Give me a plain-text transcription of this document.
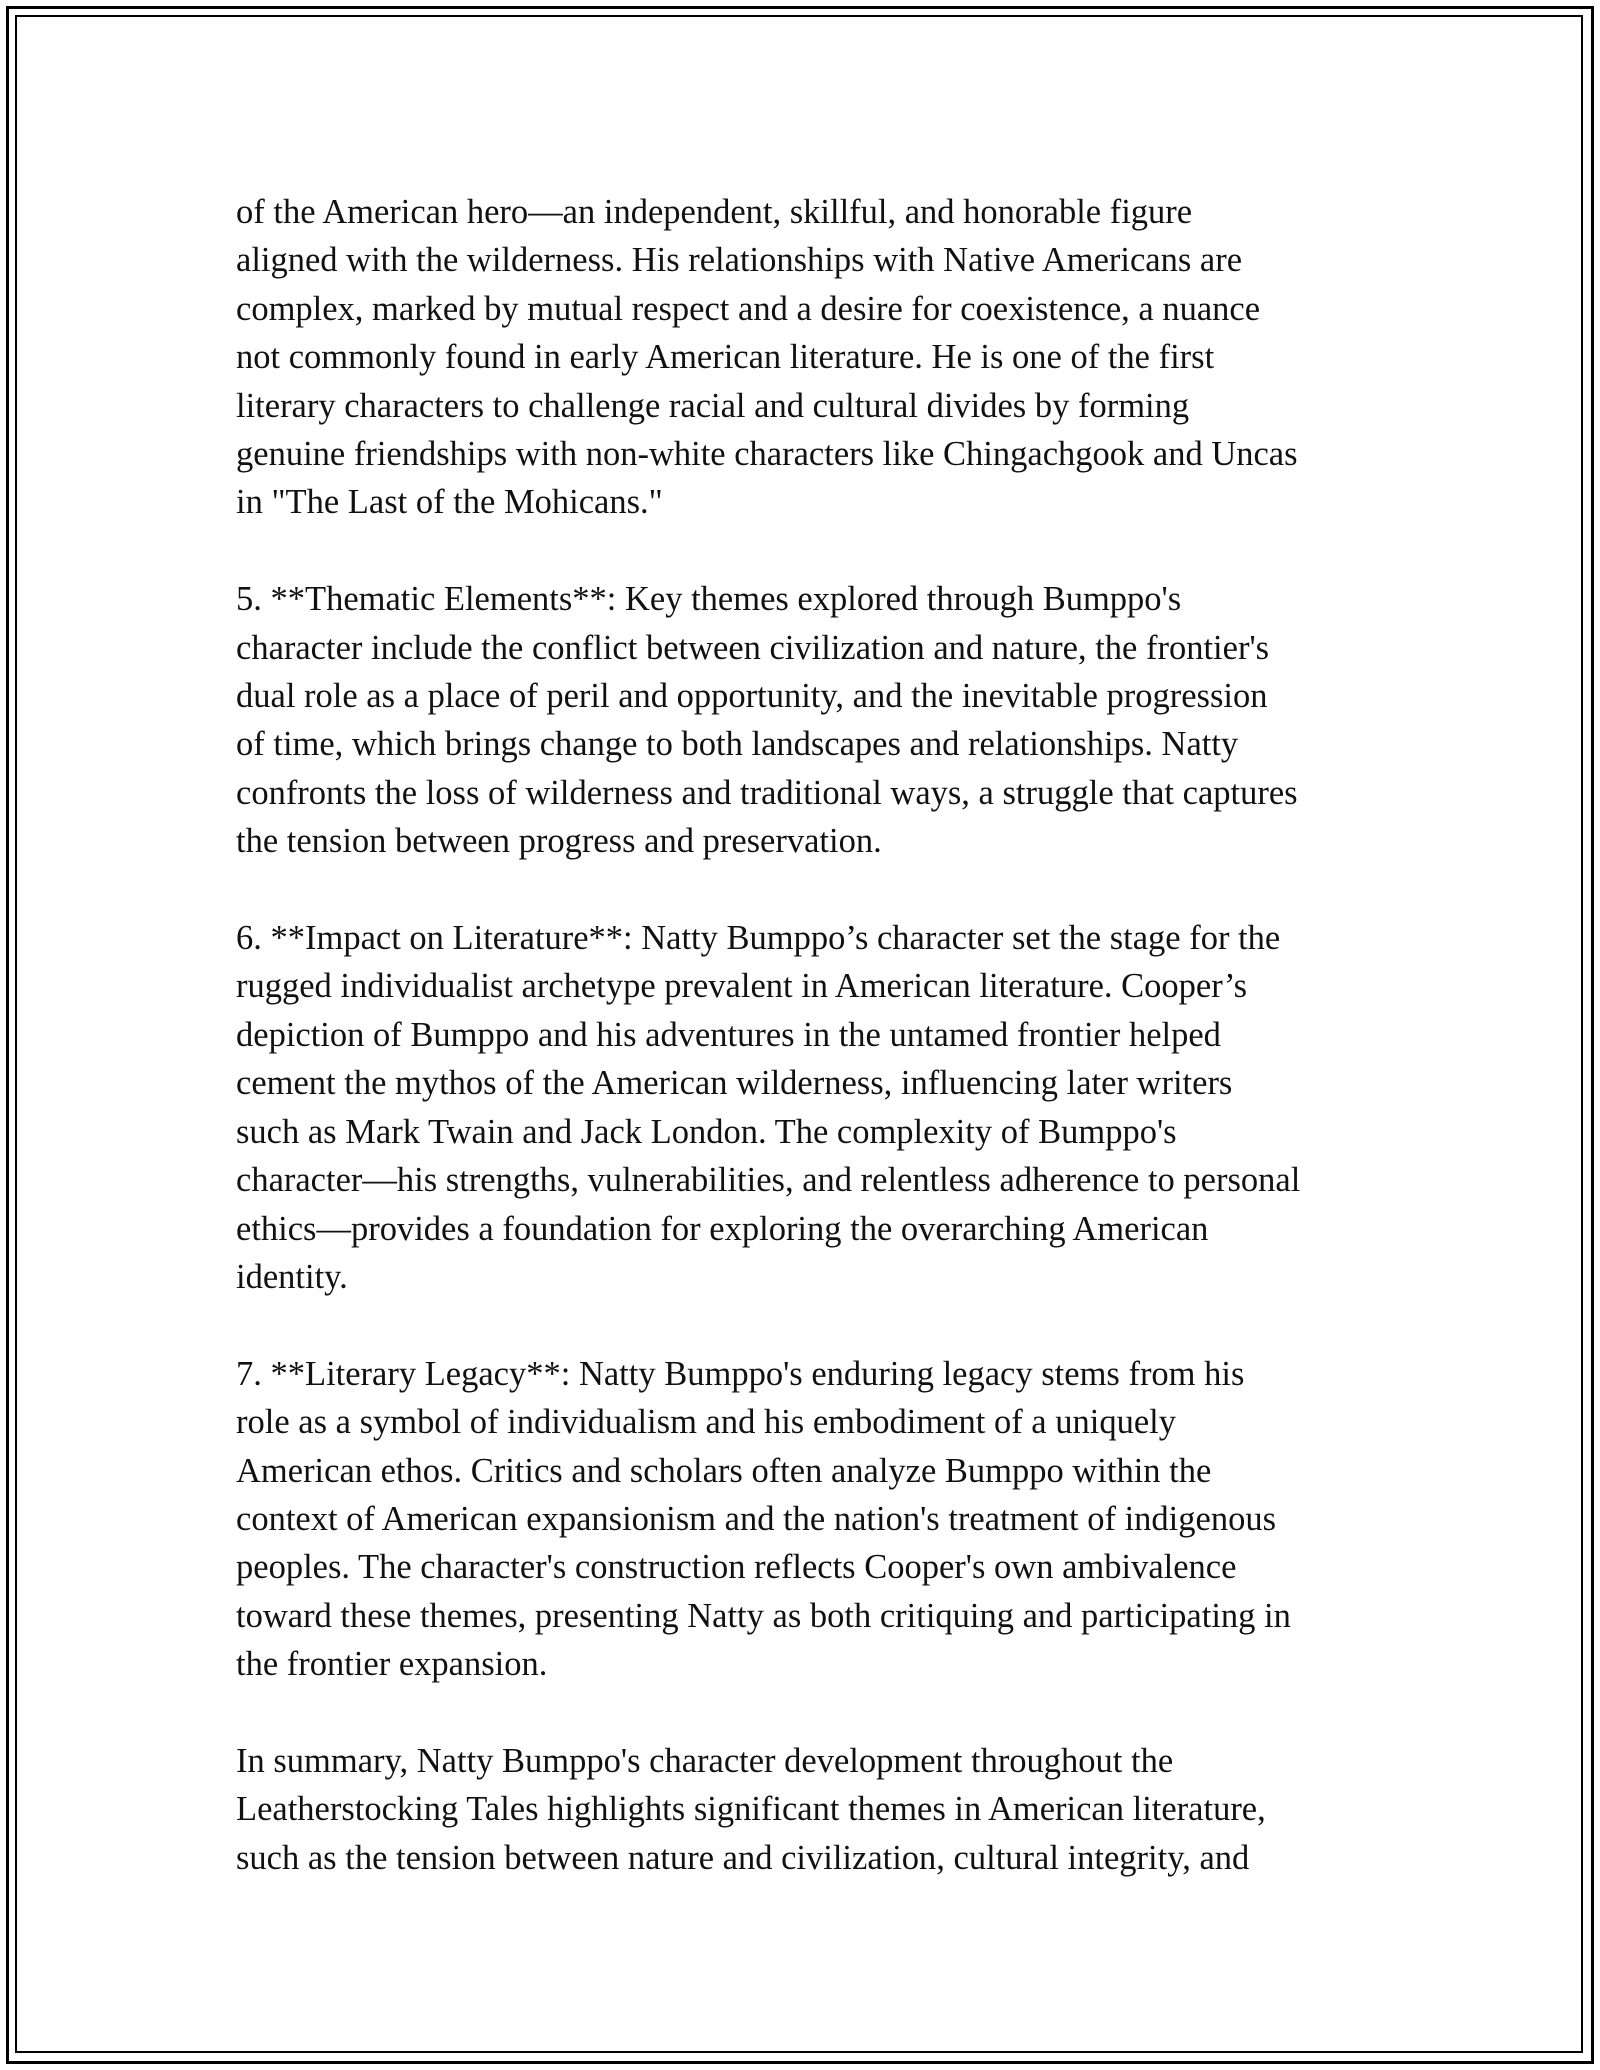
of the American hero—an independent, skillful, and honorable figure
aligned with the wilderness. His relationships with Native Americans are
complex, marked by mutual respect and a desire for coexistence, a nuance
not commonly found in early American literature. He is one of the first
literary characters to challenge racial and cultural divides by forming
genuine friendships with non-white characters like Chingachgook and Uncas
in "The Last of the Mohicans."

5. **Thematic Elements**: Key themes explored through Bumppo's
character include the conflict between civilization and nature, the frontier's
dual role as a place of peril and opportunity, and the inevitable progression
of time, which brings change to both landscapes and relationships. Natty
confronts the loss of wilderness and traditional ways, a struggle that captures
the tension between progress and preservation.

6. **Impact on Literature**: Natty Bumppo’s character set the stage for the
rugged individualist archetype prevalent in American literature. Cooper’s
depiction of Bumppo and his adventures in the untamed frontier helped
cement the mythos of the American wilderness, influencing later writers
such as Mark Twain and Jack London. The complexity of Bumppo's
character—his strengths, vulnerabilities, and relentless adherence to personal
ethics—provides a foundation for exploring the overarching American
identity.

7. **Literary Legacy**: Natty Bumppo's enduring legacy stems from his
role as a symbol of individualism and his embodiment of a uniquely
American ethos. Critics and scholars often analyze Bumppo within the
context of American expansionism and the nation's treatment of indigenous
peoples. The character's construction reflects Cooper's own ambivalence
toward these themes, presenting Natty as both critiquing and participating in
the frontier expansion.

In summary, Natty Bumppo's character development throughout the
Leatherstocking Tales highlights significant themes in American literature,
such as the tension between nature and civilization, cultural integrity, and
